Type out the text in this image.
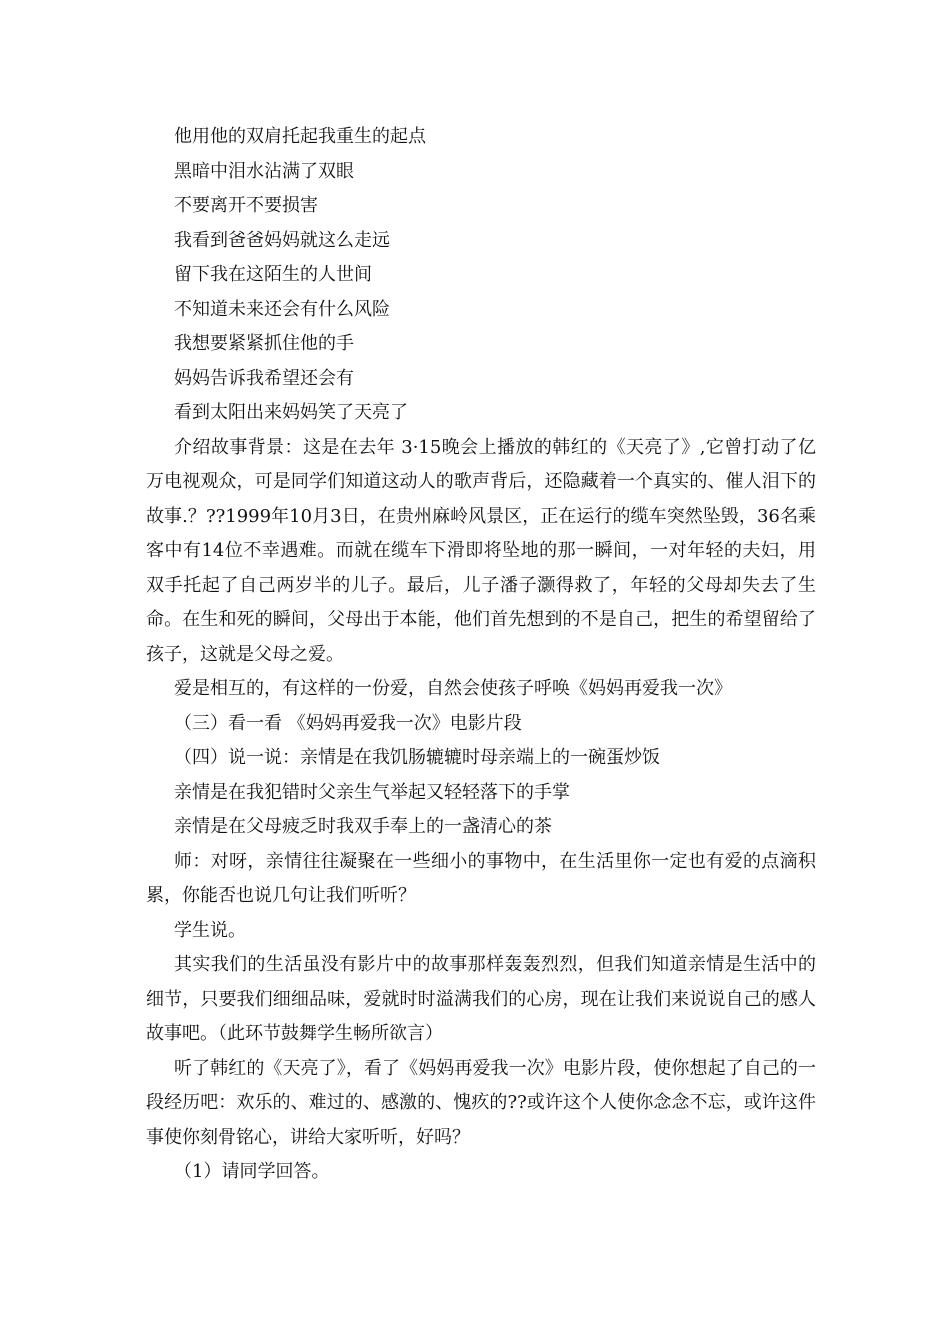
他用他的双肩托起我重生的起点
黑暗中泪水沾满了双眼
不要离开不要损害
我看到爸爸妈妈就这么走远
留下我在这陌生的人世间
不知道未来还会有什么风险
我想要紧紧抓住他的手
妈妈告诉我希望还会有
看到太阳出来妈妈笑了天亮了
介绍故事背景：这是在去年 3·15晚会上播放的韩红的《天亮了》,它曾打动了亿万电视观众，可是同学们知道这动人的歌声背后，还隐藏着一个真实的、催人泪下的故事.？??1999年10月3日，在贵州麻岭风景区，正在运行的缆车突然坠毁，36名乘客中有14位不幸遇难。而就在缆车下滑即将坠地的那一瞬间，一对年轻的夫妇，用双手托起了自己两岁半的儿子。最后，儿子潘子灏得救了，年轻的父母却失去了生命。在生和死的瞬间，父母出于本能，他们首先想到的不是自己，把生的希望留给了孩子，这就是父母之爱。
爱是相互的，有这样的一份爱，自然会使孩子呼唤《妈妈再爱我一次》
（三）看一看 《妈妈再爱我一次》电影片段
（四）说一说：亲情是在我饥肠辘辘时母亲端上的一碗蛋炒饭
亲情是在我犯错时父亲生气举起又轻轻落下的手掌
亲情是在父母疲乏时我双手奉上的一盏清心的茶
师：对呀，亲情往往凝聚在一些细小的事物中，在生活里你一定也有爱的点滴积累，你能否也说几句让我们听听？
学生说。
其实我们的生活虽没有影片中的故事那样轰轰烈烈，但我们知道亲情是生活中的细节，只要我们细细品味，爱就时时溢满我们的心房，现在让我们来说说自己的感人故事吧。（此环节鼓舞学生畅所欲言）
听了韩红的《天亮了》，看了《妈妈再爱我一次》电影片段，使你想起了自己的一段经历吧：欢乐的、难过的、感激的、愧疚的??或许这个人使你念念不忘，或许这件事使你刻骨铭心，讲给大家听听，好吗？
（1）请同学回答。
